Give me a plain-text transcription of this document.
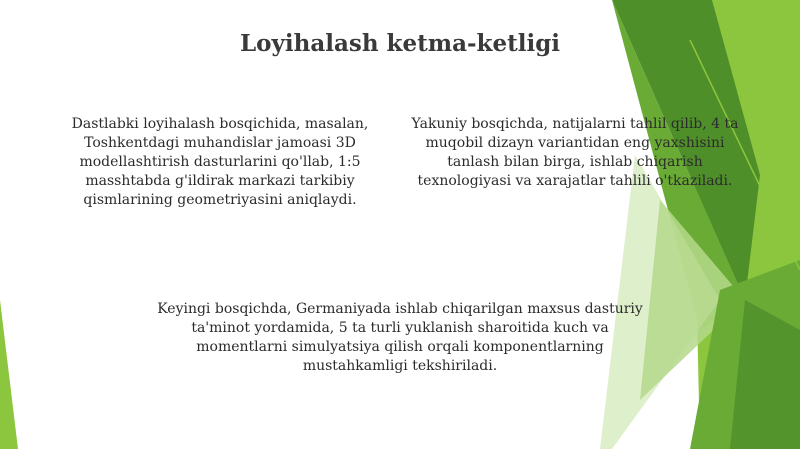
Loyihalash ketma-ketligi

Dastlabki loyihalash bosqichida, masalan, Toshkentdagi muhandislar jamoasi 3D modellashtirish dasturlarini qo'llab, 1:5 masshtabda g'ildirak markazi tarkibiy qismlarining geometriyasini aniqlaydi.

Yakuniy bosqichda, natijalarni tahlil qilib, 4 ta muqobil dizayn variantidan eng yaxshisini tanlash bilan birga, ishlab chiqarish texnologiyasi va xarajatlar tahlili o'tkaziladi.

Keyingi bosqichda, Germaniyada ishlab chiqarilgan maxsus dasturiy ta'minot yordamida, 5 ta turli yuklanish sharoitida kuch va momentlarni simulyatsiya qilish orqali komponentlarning mustahkamligi tekshiriladi.
